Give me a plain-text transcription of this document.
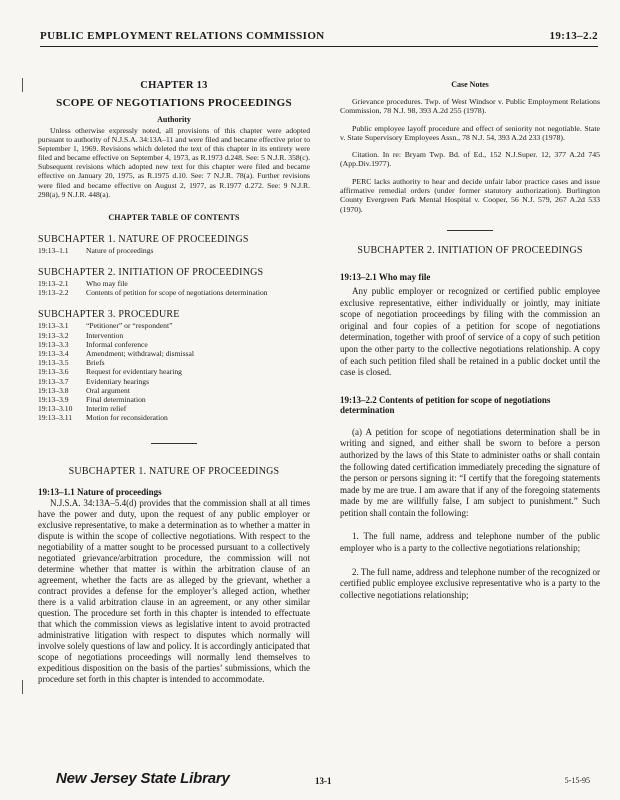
PUBLIC EMPLOYMENT RELATIONS COMMISSION	19:13–2.2
CHAPTER 13
SCOPE OF NEGOTIATIONS PROCEEDINGS
Authority

Unless otherwise expressly noted, all provisions of this chapter were adopted pursuant to authority of N.J.S.A. 34:13A–11 and were filed and became effective prior to September 1, 1969. Revisions which deleted the text of this chapter in its entirety were filed and became effective on September 4, 1973, as R.1973 d.248. See: 5 N.J.R. 358(c). Subsequent revisions which adopted new text for this chapter were filed and became effective on January 20, 1975, as R.1975 d.10. See: 7 N.J.R. 78(a). Further revisions were filed and became effective on August 2, 1977, as R.1977 d.272. See: 9 N.J.R. 298(a), 9 N.J.R. 448(a).

CHAPTER TABLE OF CONTENTS
SUBCHAPTER 1. NATURE OF PROCEEDINGS
19:13–1.1	Nature of proceedings
SUBCHAPTER 2. INITIATION OF PROCEEDINGS
19:13–2.1	Who may file
19:13–2.2	Contents of petition for scope of negotiations determination
SUBCHAPTER 3. PROCEDURE
19:13–3.1	“Petitioner” or “respondent”
19:13–3.2	Intervention
19:13–3.3	Informal conference
19:13–3.4	Amendment; withdrawal; dismissal
19:13–3.5	Briefs
19:13–3.6	Request for evidentiary hearing
19:13–3.7	Evidentiary hearings
19:13–3.8	Oral argument
19:13–3.9	Final determination
19:13–3.10	Interim relief
19:13–3.11	Motion for reconsideration
SUBCHAPTER 1. NATURE OF PROCEEDINGS
19:13–1.1 Nature of proceedings

N.J.S.A. 34:13A–5.4(d) provides that the commission shall at all times have the power and duty, upon the request of any public employer or exclusive representative, to make a determination as to whether a matter in dispute is within the scope of collective negotiations. With respect to the negotiability of a matter sought to be processed pursuant to a collectively negotiated grievance/arbitration procedure, the commission will not determine whether that matter is within the arbitration clause of an agreement, whether the facts are as alleged by the grievant, whether a contract provides a defense for the employer’s alleged action, whether there is a valid arbitration clause in an agreement, or any other similar question. The procedure set forth in this chapter is intended to effectuate that which the commission views as legislative intent to avoid protracted administrative litigation with respect to disputes which normally will involve solely questions of law and policy. It is accordingly anticipated that scope of negotiations proceedings will normally lend themselves to expeditious disposition on the basis of the parties’ submissions, which the procedure set forth in this chapter is intended to accommodate.

Case Notes

Grievance procedures. Twp. of West Windsor v. Public Employment Relations Commission, 78 N.J. 98, 393 A.2d 255 (1978).

Public employee layoff procedure and effect of seniority not negotiable. State v. State Supervisory Employees Assn., 78 N.J. 54, 393 A.2d 233 (1978).

Citation. In re: Bryam Twp. Bd. of Ed., 152 N.J.Super. 12, 377 A.2d 745 (App.Div.1977).

PERC lacks authority to hear and decide unfair labor practice cases and issue affirmative remedial orders (under former statutory authorization). Burlington County Evergreen Park Mental Hospital v. Cooper, 56 N.J. 579, 267 A.2d 533 (1970).

SUBCHAPTER 2. INITIATION OF PROCEEDINGS
19:13–2.1 Who may file

Any public employer or recognized or certified public employee exclusive representative, either individually or jointly, may initiate scope of negotiation proceedings by filing with the commission an original and four copies of a petition for scope of negotiations determination, together with proof of service of a copy of such petition upon the other party to the collective negotiations relationship. A copy of each such petition filed shall be retained in a public docket until the case is closed.

19:13–2.2 Contents of petition for scope of negotiations determination

(a) A petition for scope of negotiations determination shall be in writing and signed, and either shall be sworn to before a person authorized by the laws of this State to administer oaths or shall contain the following dated certification immediately preceding the signature of the person or persons signing it: “I certify that the foregoing statements made by me are true. I am aware that if any of the foregoing statements made by me are willfully false, I am subject to punishment.” Such petition shall contain the following:

1. The full name, address and telephone number of the public employer who is a party to the collective negotiations relationship;

2. The full name, address and telephone number of the recognized or certified public employee exclusive representative who is a party to the collective negotiations relationship;

New Jersey State Library	13-1	5-15-95
